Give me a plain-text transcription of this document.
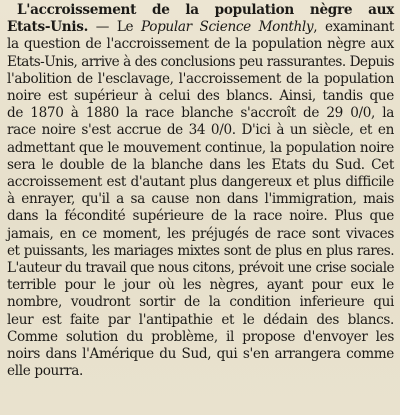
L'accroissement de la population nègre aux
Etats-Unis. — Le Popular Science Monthly, examinant
la question de l'accroissement de la population nègre aux
Etats-Unis, arrive à des conclusions peu rassurantes. Depuis
l'abolition de l'esclavage, l'accroissement de la population
noire est supérieur à celui des blancs. Ainsi, tandis que
de 1870 à 1880 la race blanche s'accroît de 29 0/0, la
race noire s'est accrue de 34 0/0. D'ici à un siècle, et en
admettant que le mouvement continue, la population noire
sera le double de la blanche dans les Etats du Sud. Cet
accroissement est d'autant plus dangereux et plus difficile
à enrayer, qu'il a sa cause non dans l'immigration, mais
dans la fécondité supérieure de la race noire. Plus que
jamais, en ce moment, les préjugés de race sont vivaces
et puissants, les mariages mixtes sont de plus en plus rares.
L'auteur du travail que nous citons, prévoit une crise sociale
terrible pour le jour où les nègres, ayant pour eux le
nombre, voudront sortir de la condition inferieure qui
leur est faite par l'antipathie et le dédain des blancs.
Comme solution du problème, il propose d'envoyer les
noirs dans l'Amérique du Sud, qui s'en arrangera comme
elle pourra.
